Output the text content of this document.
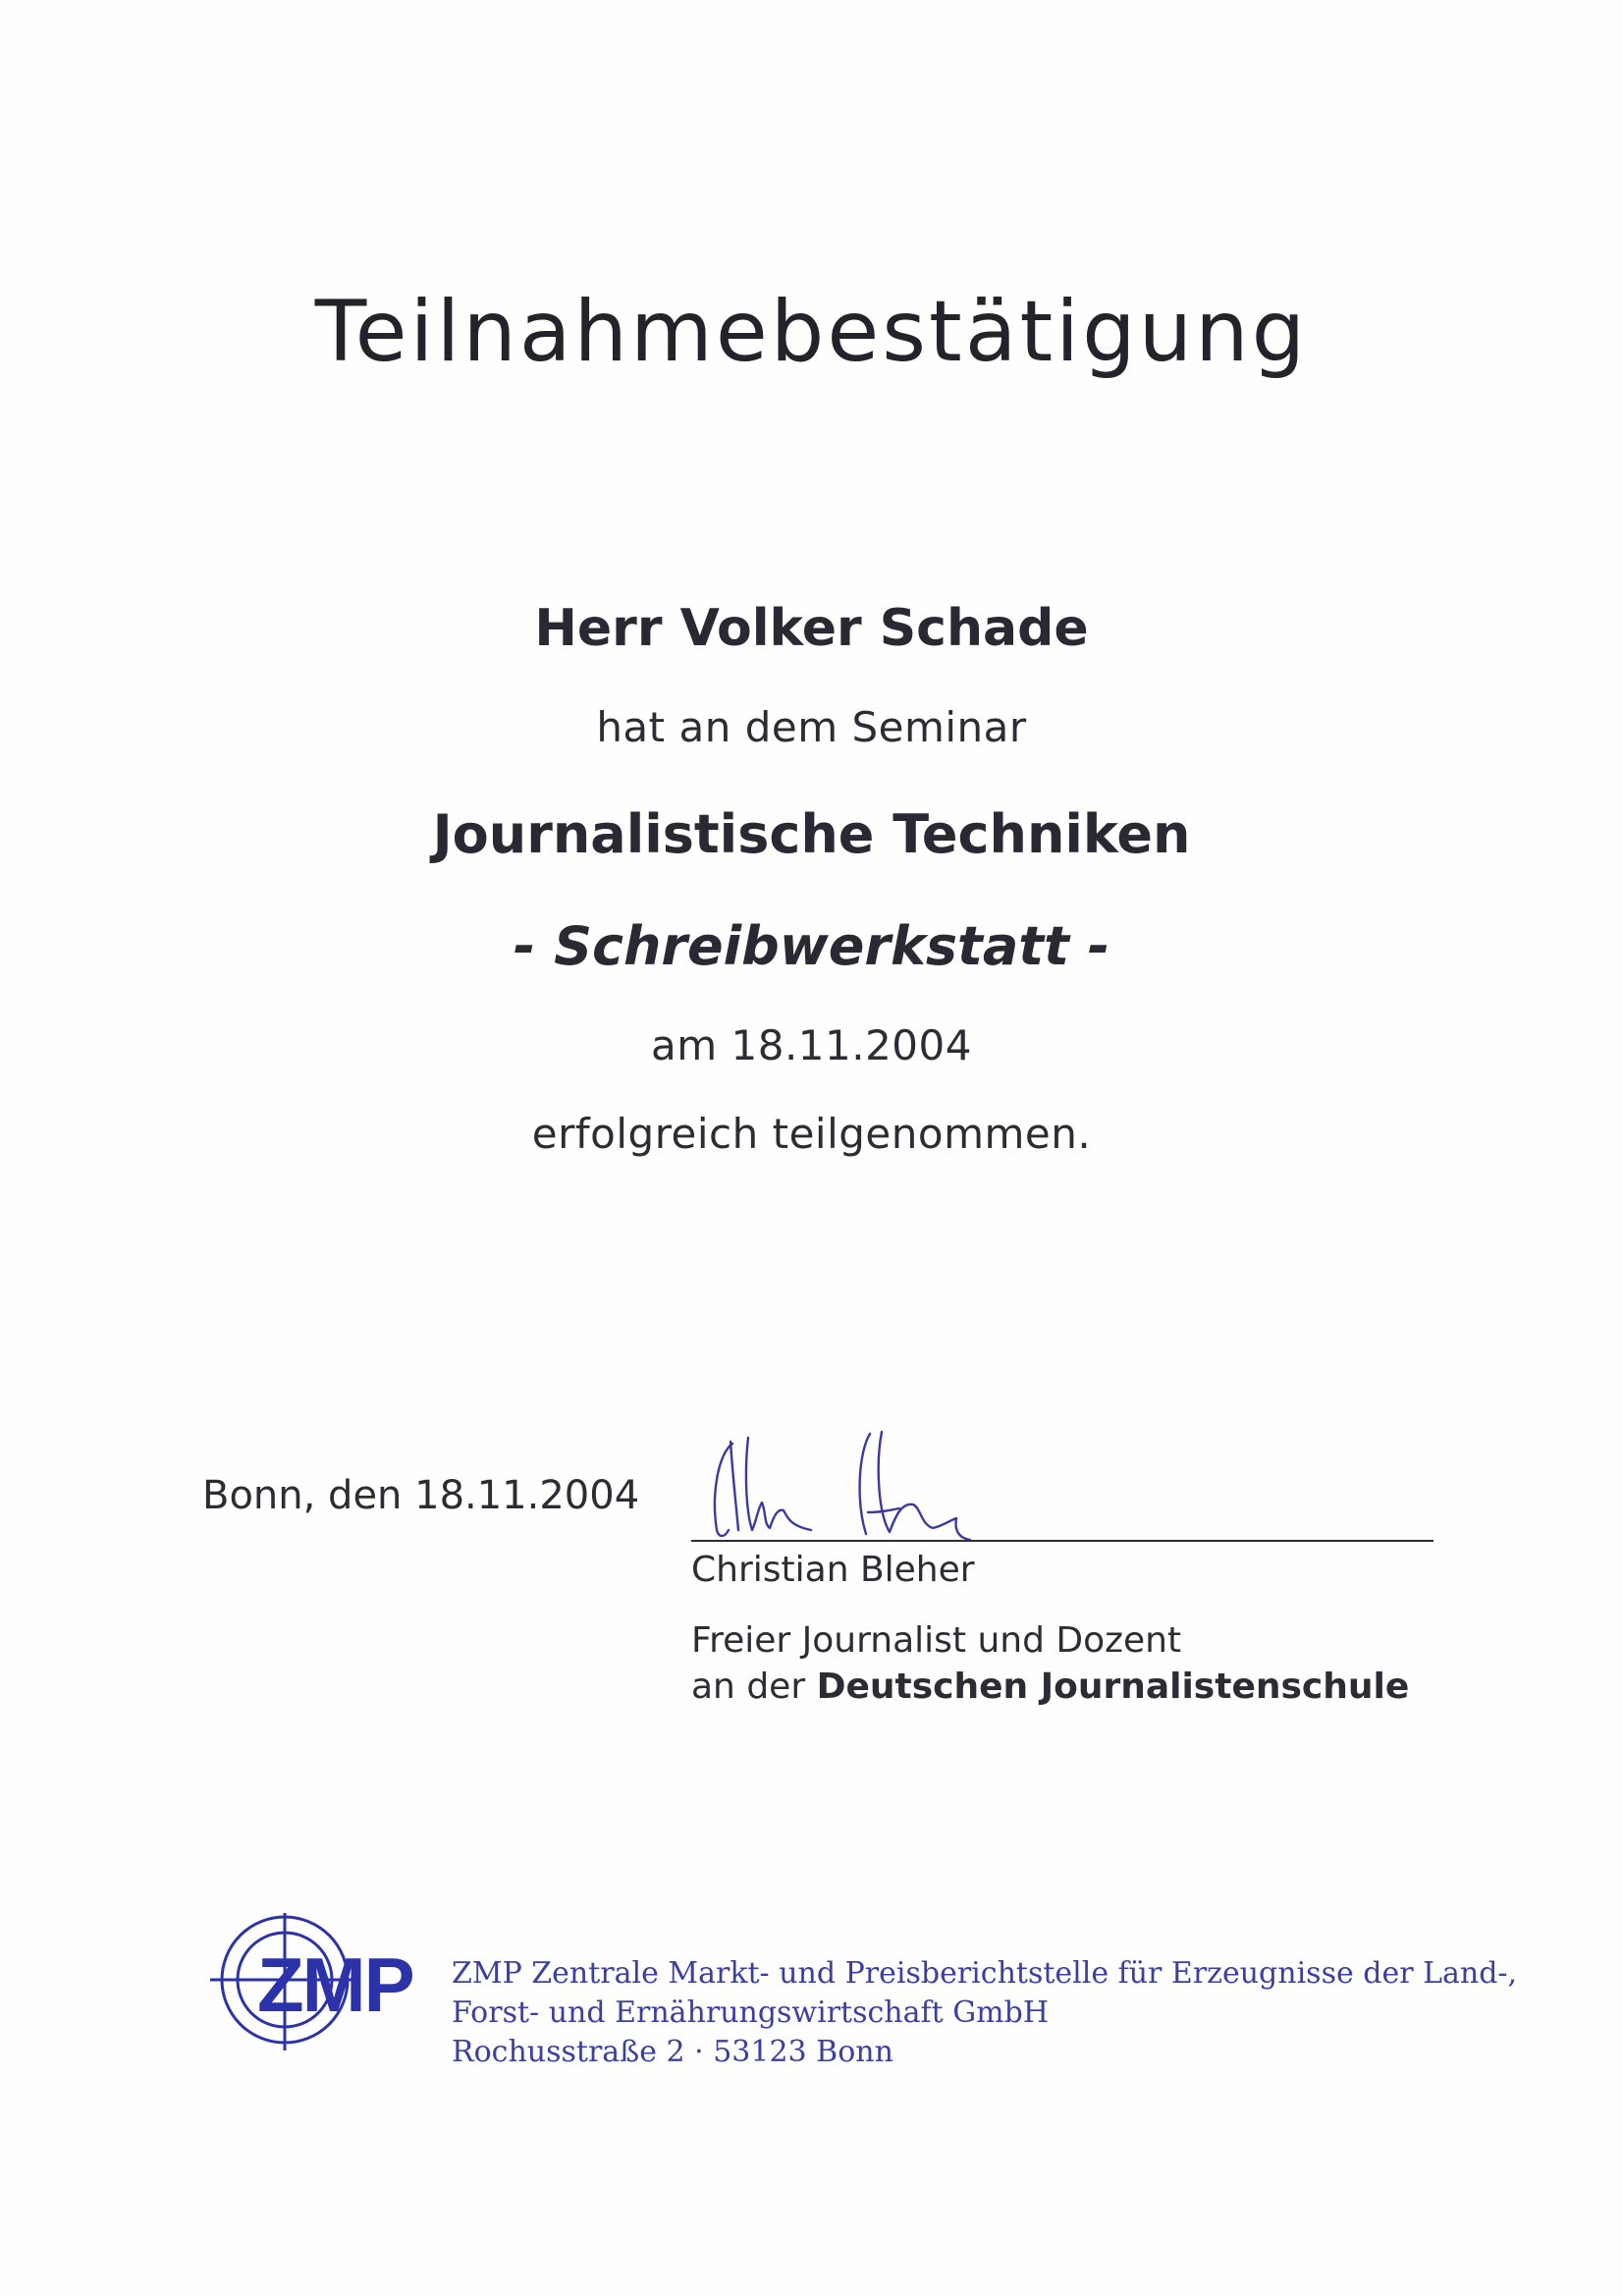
Teilnahmebestätigung
Herr Volker Schade
hat an dem Seminar
Journalistische Techniken
- Schreibwerkstatt -
am 18.11.2004
erfolgreich teilgenommen.
Bonn, den 18.11.2004
Christian Bleher
Freier Journalist und Dozent
an der Deutschen Journalistenschule
ZMP ZMP Zentrale Markt- und Preisberichtstelle für Erzeugnisse der Land-,
Forst- und Ernährungswirtschaft GmbH
Rochusstraße 2 · 53123 Bonn
